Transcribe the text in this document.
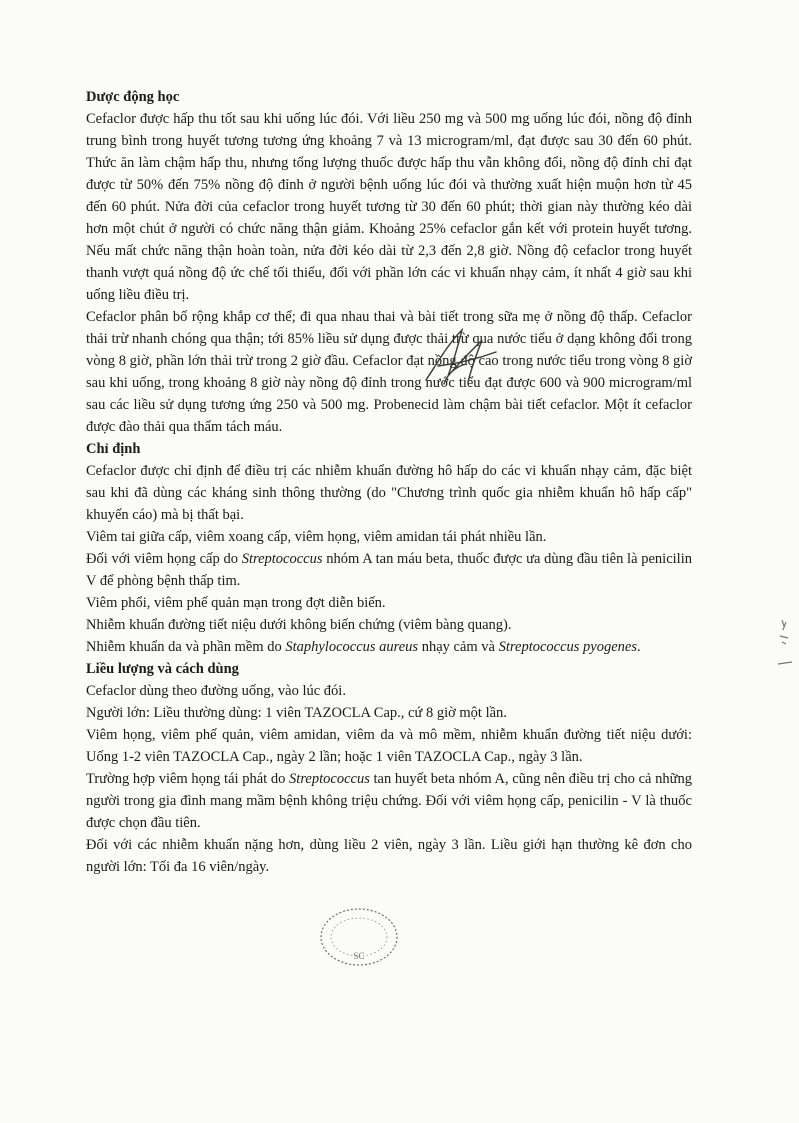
Dược động học

Cefaclor được hấp thu tốt sau khi uống lúc đói. Với liều 250 mg và 500 mg uống lúc đói, nồng độ đỉnh trung bình trong huyết tương tương ứng khoảng 7 và 13 microgram/ml, đạt được sau 30 đến 60 phút. Thức ăn làm chậm hấp thu, nhưng tổng lượng thuốc được hấp thu vẫn không đổi, nồng độ đỉnh chỉ đạt được từ 50% đến 75% nồng độ đỉnh ở người bệnh uống lúc đói và thường xuất hiện muộn hơn từ 45 đến 60 phút. Nửa đời của cefaclor trong huyết tương từ 30 đến 60 phút; thời gian này thường kéo dài hơn một chút ở người có chức năng thận giảm. Khoảng 25% cefaclor gắn kết với protein huyết tương. Nếu mất chức năng thận hoàn toàn, nửa đời kéo dài từ 2,3 đến 2,8 giờ. Nồng độ cefaclor trong huyết thanh vượt quá nồng độ ức chế tối thiểu, đối với phần lớn các vi khuẩn nhạy cảm, ít nhất 4 giờ sau khi uống liều điều trị.

Cefaclor phân bố rộng khắp cơ thể; đi qua nhau thai và bài tiết trong sữa mẹ ở nồng độ thấp. Cefaclor thải trừ nhanh chóng qua thận; tới 85% liều sử dụng được thải trừ qua nước tiểu ở dạng không đổi trong vòng 8 giờ, phần lớn thải trừ trong 2 giờ đầu. Cefaclor đạt nồng độ cao trong nước tiểu trong vòng 8 giờ sau khi uống, trong khoảng 8 giờ này nồng độ đỉnh trong nước tiểu đạt được 600 và 900 microgram/ml sau các liều sử dụng tương ứng 250 và 500 mg. Probenecid làm chậm bài tiết cefaclor. Một ít cefaclor được đào thải qua thẩm tách máu.

Chỉ định

Cefaclor được chỉ định để điều trị các nhiễm khuẩn đường hô hấp do các vi khuẩn nhạy cảm, đặc biệt sau khi đã dùng các kháng sinh thông thường (do "Chương trình quốc gia nhiễm khuẩn hô hấp cấp" khuyến cáo) mà bị thất bại.

Viêm tai giữa cấp, viêm xoang cấp, viêm họng, viêm amidan tái phát nhiều lần.

Đối với viêm họng cấp do Streptococcus nhóm A tan máu beta, thuốc được ưa dùng đầu tiên là penicilin V để phòng bệnh thấp tim.

Viêm phổi, viêm phế quản mạn trong đợt diễn biến.

Nhiễm khuẩn đường tiết niệu dưới không biến chứng (viêm bàng quang).

Nhiễm khuẩn da và phần mềm do Staphylococcus aureus nhạy cảm và Streptococcus pyogenes.

Liều lượng và cách dùng

Cefaclor dùng theo đường uống, vào lúc đói.

Người lớn: Liều thường dùng: 1 viên TAZOCLA Cap., cứ 8 giờ một lần.

Viêm họng, viêm phế quản, viêm amidan, viêm da và mô mềm, nhiễm khuẩn đường tiết niệu dưới: Uống 1-2 viên TAZOCLA Cap., ngày 2 lần; hoặc 1 viên TAZOCLA Cap., ngày 3 lần.

Trường hợp viêm họng tái phát do Streptococcus tan huyết beta nhóm A, cũng nên điều trị cho cả những người trong gia đình mang mầm bệnh không triệu chứng. Đối với viêm họng cấp, penicilin - V là thuốc được chọn đầu tiên.

Đối với các nhiễm khuẩn nặng hơn, dùng liều 2 viên, ngày 3 lần. Liều giới hạn thường kê đơn cho người lớn: Tối đa 16 viên/ngày.

SC
